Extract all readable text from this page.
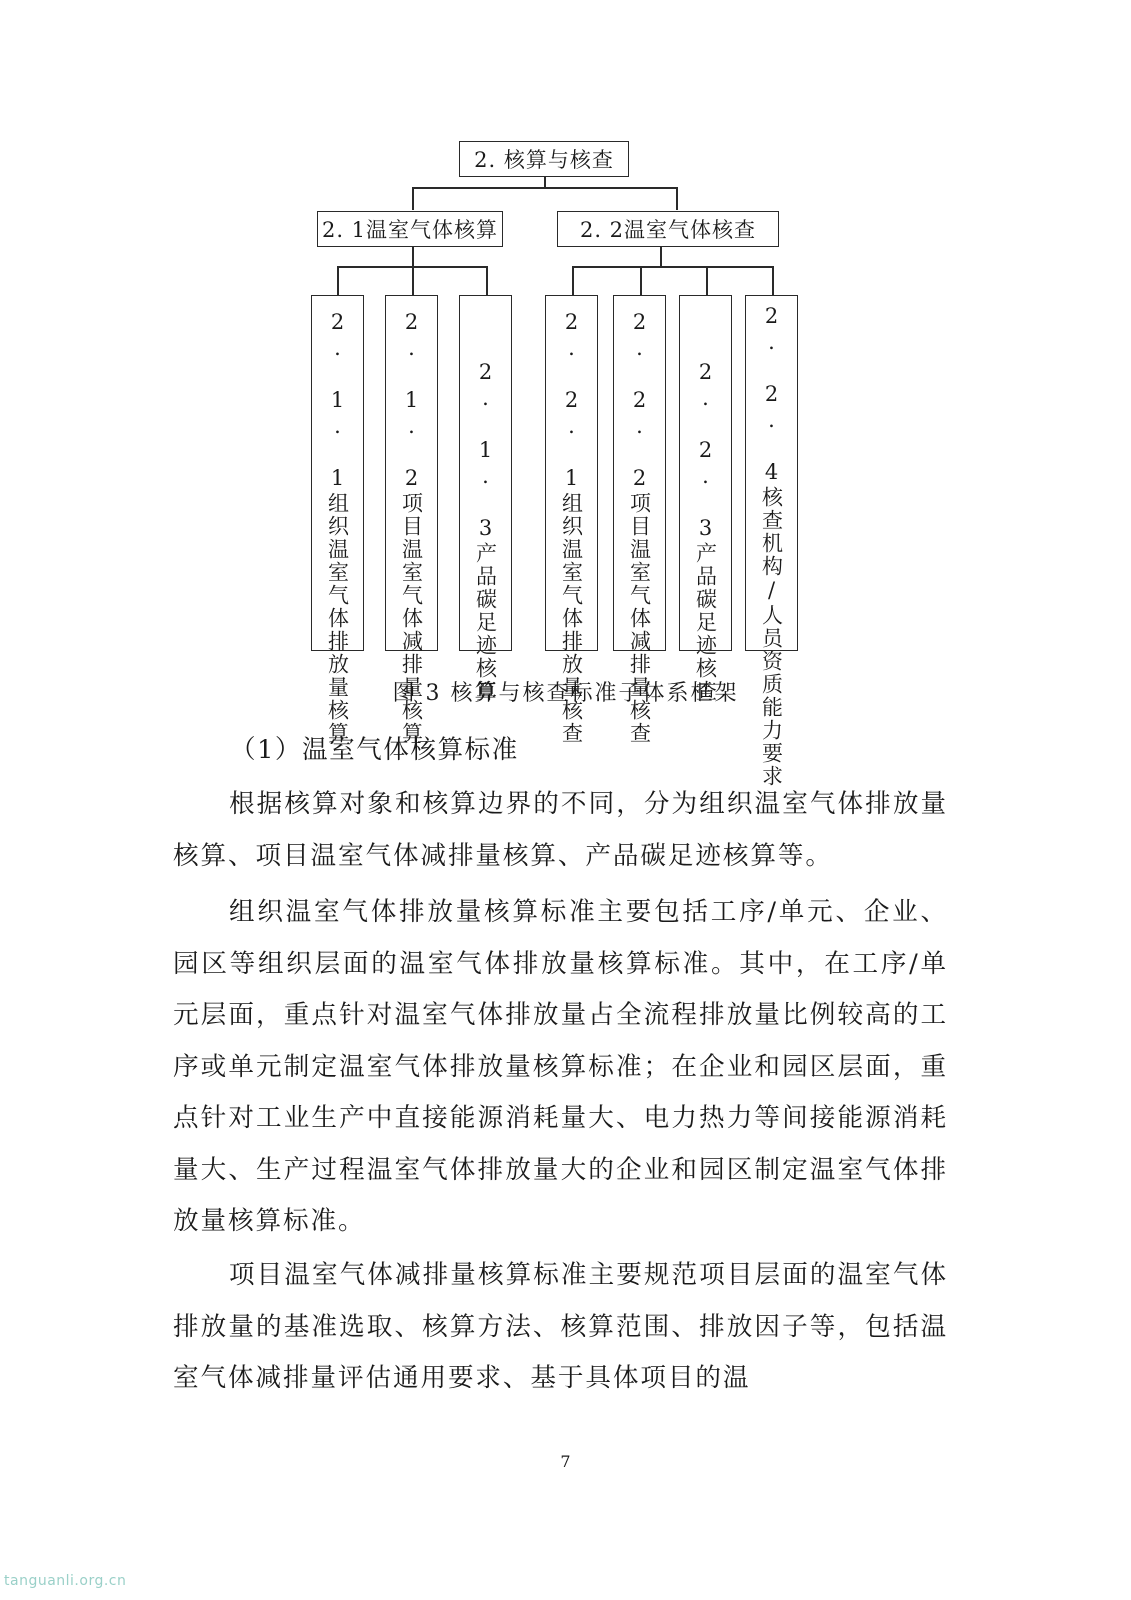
2. 核算与核查
2. 1温室气体核算	2. 2温室气体核查
2. 1. 1组织温室气体排放量核算 2. 1. 2项目温室气体减排量核算 2. 1. 3产品碳足迹核算	2. 2. 1组织温室气体排放量核查 2. 2. 2项目温室气体减排量核查 2. 2. 3产品碳足迹核查 2. 2. 4核查机构/人员资质能力要求
图 3 核算与核查标准子体系框架
（1）温室气体核算标准

根据核算对象和核算边界的不同，分为组织温室气体排放量核算、项目温室气体减排量核算、产品碳足迹核算等。

组织温室气体排放量核算标准主要包括工序/单元、企业、园区等组织层面的温室气体排放量核算标准。其中，在工序/单元层面，重点针对温室气体排放量占全流程排放量比例较高的工序或单元制定温室气体排放量核算标准；在企业和园区层面，重点针对工业生产中直接能源消耗量大、电力热力等间接能源消耗量大、生产过程温室气体排放量大的企业和园区制定温室气体排放量核算标准。

项目温室气体减排量核算标准主要规范项目层面的温室气体排放量的基准选取、核算方法、核算范围、排放因子等，包括温室气体减排量评估通用要求、基于具体项目的温

7
tanguanli.org.cn
